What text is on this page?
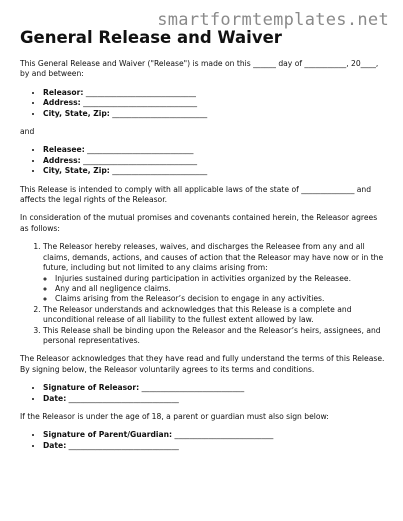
smartformtemplates.net
General Release and Waiver

This General Release and Waiver ("Release") is made on this ______ day of ___________, 20____, by and between:

• Releasor: _____________________________
• Address: ______________________________
• City, State, Zip: _________________________

and

• Releasee: ____________________________
• Address: ______________________________
• City, State, Zip: _________________________

This Release is intended to comply with all applicable laws of the state of ______________ and affects the legal rights of the Releasor.

In consideration of the mutual promises and covenants contained herein, the Releasor agrees as follows:

1. The Releasor hereby releases, waives, and discharges the Releasee from any and all claims, demands, actions, and causes of action that the Releasor may have now or in the future, including but not limited to any claims arising from:
◦ Injuries sustained during participation in activities organized by the Releasee.
◦ Any and all negligence claims.
◦ Claims arising from the Releasor’s decision to engage in any activities.
2. The Releasor understands and acknowledges that this Release is a complete and unconditional release of all liability to the fullest extent allowed by law.
3. This Release shall be binding upon the Releasor and the Releasor’s heirs, assignees, and personal representatives.

The Releasor acknowledges that they have read and fully understand the terms of this Release. By signing below, the Releasor voluntarily agrees to its terms and conditions.

• Signature of Releasor: ___________________________
• Date: _____________________________

If the Releasor is under the age of 18, a parent or guardian must also sign below:

• Signature of Parent/Guardian: __________________________
• Date: _____________________________
